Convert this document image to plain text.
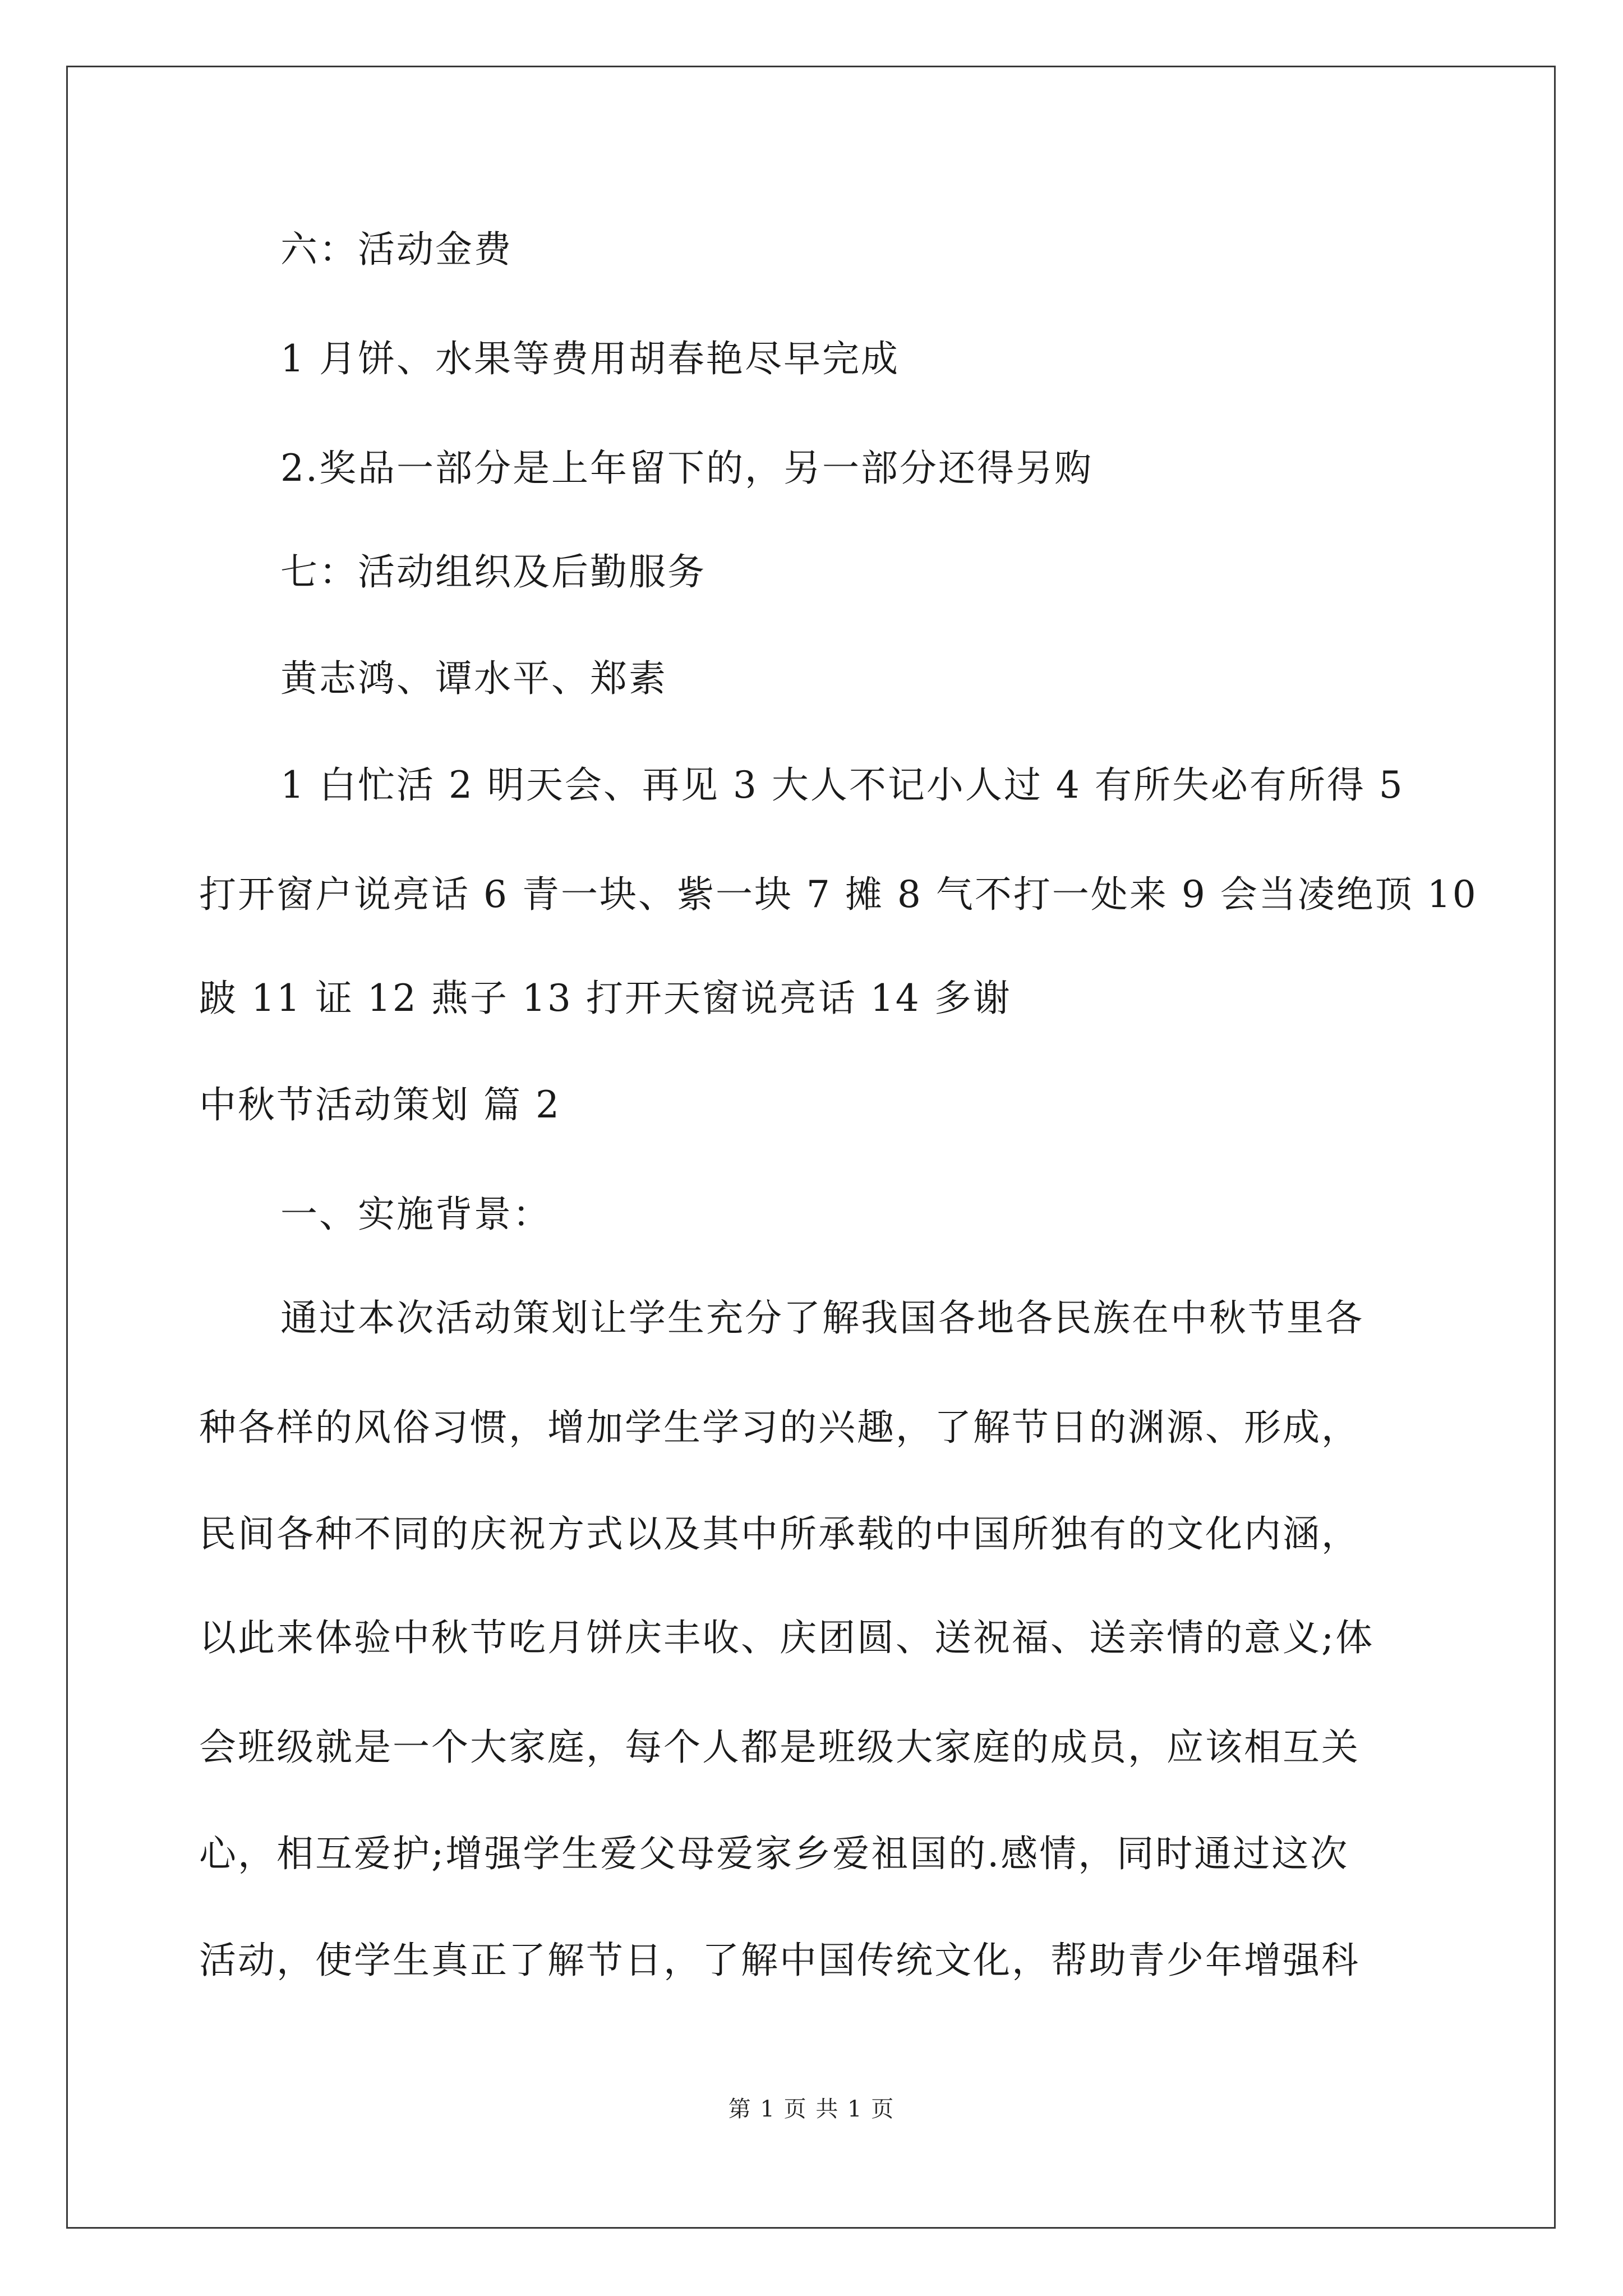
六：活动金费
1 月饼、水果等费用胡春艳尽早完成
2.奖品一部分是上年留下的，另一部分还得另购
七：活动组织及后勤服务
黄志鸿、谭水平、郑素
1 白忙活 2 明天会、再见 3 大人不记小人过 4 有所失必有所得 5
打开窗户说亮话 6 青一块、紫一块 7 摊 8 气不打一处来 9 会当凌绝顶 10
跛 11 证 12 燕子 13 打开天窗说亮话 14 多谢
中秋节活动策划 篇 2
一、实施背景：
通过本次活动策划让学生充分了解我国各地各民族在中秋节里各
种各样的风俗习惯，增加学生学习的兴趣，了解节日的渊源、形成，
民间各种不同的庆祝方式以及其中所承载的中国所独有的文化内涵，
以此来体验中秋节吃月饼庆丰收、庆团圆、送祝福、送亲情的意义;体
会班级就是一个大家庭，每个人都是班级大家庭的成员，应该相互关
心，相互爱护;增强学生爱父母爱家乡爱祖国的.感情，同时通过这次
活动，使学生真正了解节日，了解中国传统文化，帮助青少年增强科
第 1 页 共 1 页
